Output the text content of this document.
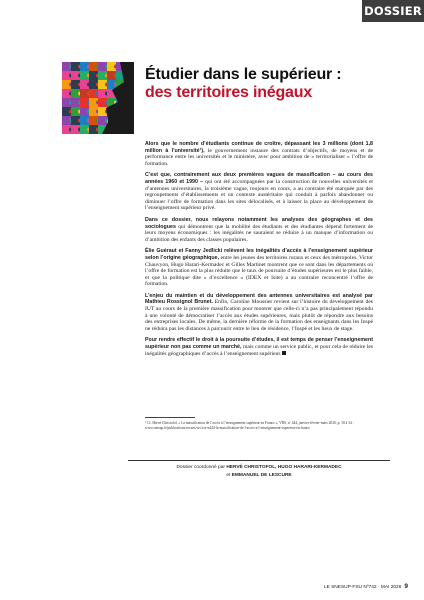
DOSSIER
Étudier dans le supérieur :
des territoires inégaux

Alors que le nombre d’étudiants continue de croître, dépassant les 3 millions (dont 1,8 million à l’université¹), le gouvernement instaure des contrats d’objectifs, de moyens et de performance entre les universités et le ministère, avec pour ambition de « territorialiser » l’offre de formation.

C’est que, contrairement aux deux premières vagues de massification – au cours des années 1960 et 1990 – qui ont été accompagnées par la construction de nouvelles universités et d’antennes universitaires, la troisième vague, toujours en cours, a au contraire été marquée par des regroupements d’établissements et un contexte austéritaire qui conduit à parfois abandonner ou diminuer l’offre de formation dans les sites délocalisés, et à laisser la place au développement de l’enseignement supérieur privé.

Dans ce dossier, nous relayons notamment les analyses des géographes et des sociologues qui démontrent que la mobilité des étudiants et des étudiantes dépend fortement de leurs moyens économiques : les inégalités ne sauraient se réduire à un manque d’information ou d’ambition des enfants des classes populaires.

Élie Guéraut et Fanny Jedlicki relèvent les inégalités d’accès à l’enseignement supérieur selon l’origine géographique, entre les jeunes des territoires ruraux et ceux des métropoles. Victor Chauvyon, Hugo Harari-Kermadec et Gilles Martinet montrent que ce sont dans les départements où l’offre de formation est la plus réduite que le taux de poursuite d’études supérieures est le plus faible, et que la politique dite « d’excellence » (IDEX et Isite) a au contraire reconcentré l’offre de formation.

L’enjeu du maintien et du développement des antennes universitaires est analysé par Mathieu Rossignol Brunet. Enfin, Caroline Moussier revient sur l’histoire du développement des IUT au cours de la première massification pour montrer que celle-ci n’a pas principalement répondu à une volonté de démocratiser l’accès aux études supérieures, mais plutôt de répondre aux besoins des entreprises locales. De même, la dernière réforme de la formation des enseignants dans les Inspé ne réduira pas les distances à parcourir entre le lieu de résidence, l’Inspé et les lieux de stage.

Pour rendre effectif le droit à la poursuite d’études, il est temps de penser l’enseignement supérieur non pas comme un marché, mais comme un service public, et pour cela de réduire les inégalités géographiques d’accès à l’enseignement supérieur.

¹ Cf. Hervé Christofol, « La massification de l’accès à l’enseignement supérieur en France », VRS, nº 444, janvier-février-mars 2026, p. 18 à 34 : www.snesup.fr/publications/revues/vrs/vrs-n444-la-massification-de-l-acces-a-l-enseignement-superieur-en-france
Dossier coordonné par HERVÉ CHRISTOFOL, HUGO HARARI-KERMADEC
et EMMANUEL DE LESCURE
LE SNESUP-FSU Nº742 · MAI 2026 9
